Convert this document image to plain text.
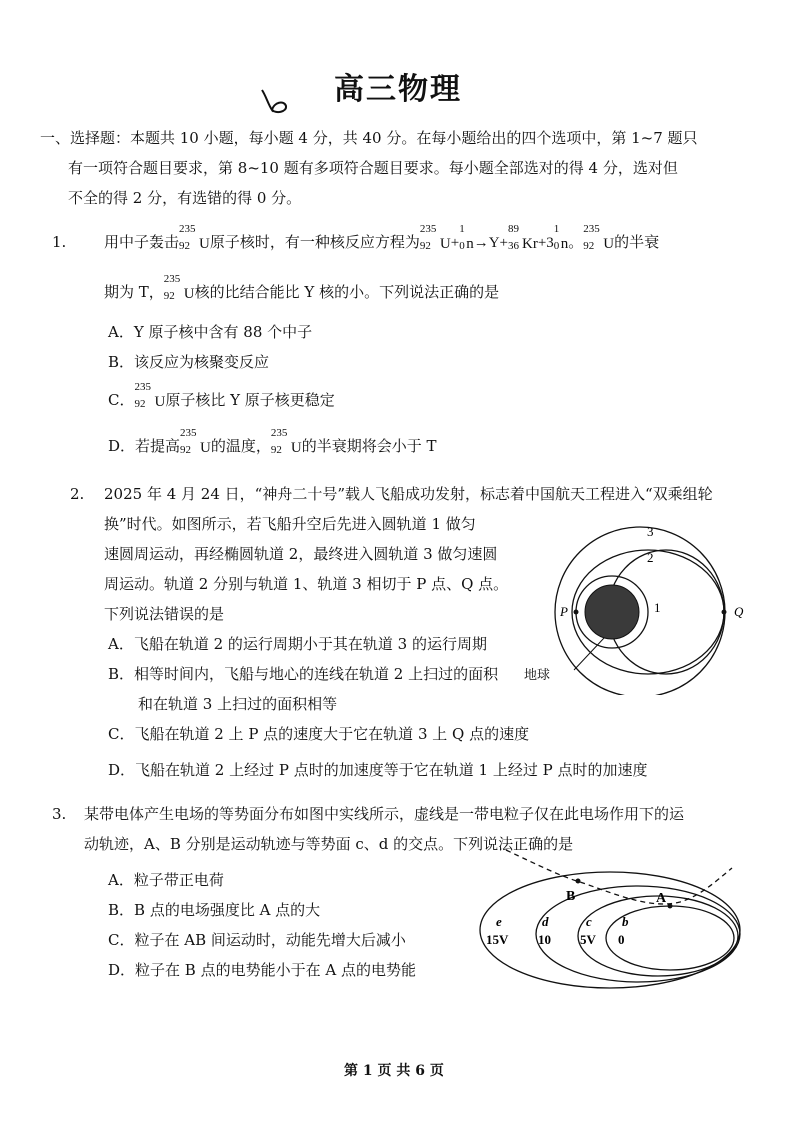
高三物理
一、选择题：本题共 10 小题，每小题 4 分，共 40 分。在每小题给出的四个选项中，第 1~7 题只
有一项符合题目要求，第 8~10 题有多项符合题目要求。每小题全部选对的得 4 分，选对但
不全的得 2 分，有选错的得 0 分。
1.	用中子轰击
235
92 U原子核时，有一种核反应方程为
235
92 U+
1
0 n→Y+
89
36 Kr+3
1
0 n。
235
92 U的半衰
期为 T，
235
92 U核的比结合能比 Y 核的小。下列说法正确的是
A．Y 原子核中含有 88 个中子
B．该反应为核聚变反应
C．
235
92 U原子核比 Y 原子核更稳定
D．若提高
235
92 U的温度，
235
92 U的半衰期将会小于 T
2. 2025 年 4 月 24 日，“神舟二十号”载人飞船成功发射，标志着中国航天工程进入“双乘组轮
换”时代。如图所示，若飞船升空后先进入圆轨道 1 做匀
速圆周运动，再经椭圆轨道 2，最终进入圆轨道 3 做匀速圆
周运动。轨道 2 分别与轨道 1、轨道 3 相切于 P 点、Q 点。
下列说法错误的是
A．飞船在轨道 2 的运行周期小于其在轨道 3 的运行周期
B．相等时间内，飞船与地心的连线在轨道 2 上扫过的面积
和在轨道 3 上扫过的面积相等
C．飞船在轨道 2 上 P 点的速度大于它在轨道 3 上 Q 点的速度
D．飞船在轨道 2 上经过 P 点时的加速度等于它在轨道 1 上经过 P 点时的加速度
3
2
1
P	Q
地球
3. 某带电体产生电场的等势面分布如图中实线所示，虚线是一带电粒子仅在此电场作用下的运
动轨迹，A、B 分别是运动轨迹与等势面 c、d 的交点。下列说法正确的是
A．粒子带正电荷
B．B 点的电场强度比 A 点的大
C．粒子在 AB 间运动时，动能先增大后减小
D．粒子在 B 点的电势能小于在 A 点的电势能
B	A
e
15V
d
10
c
5V
b
0
第 1 页 共 6 页
